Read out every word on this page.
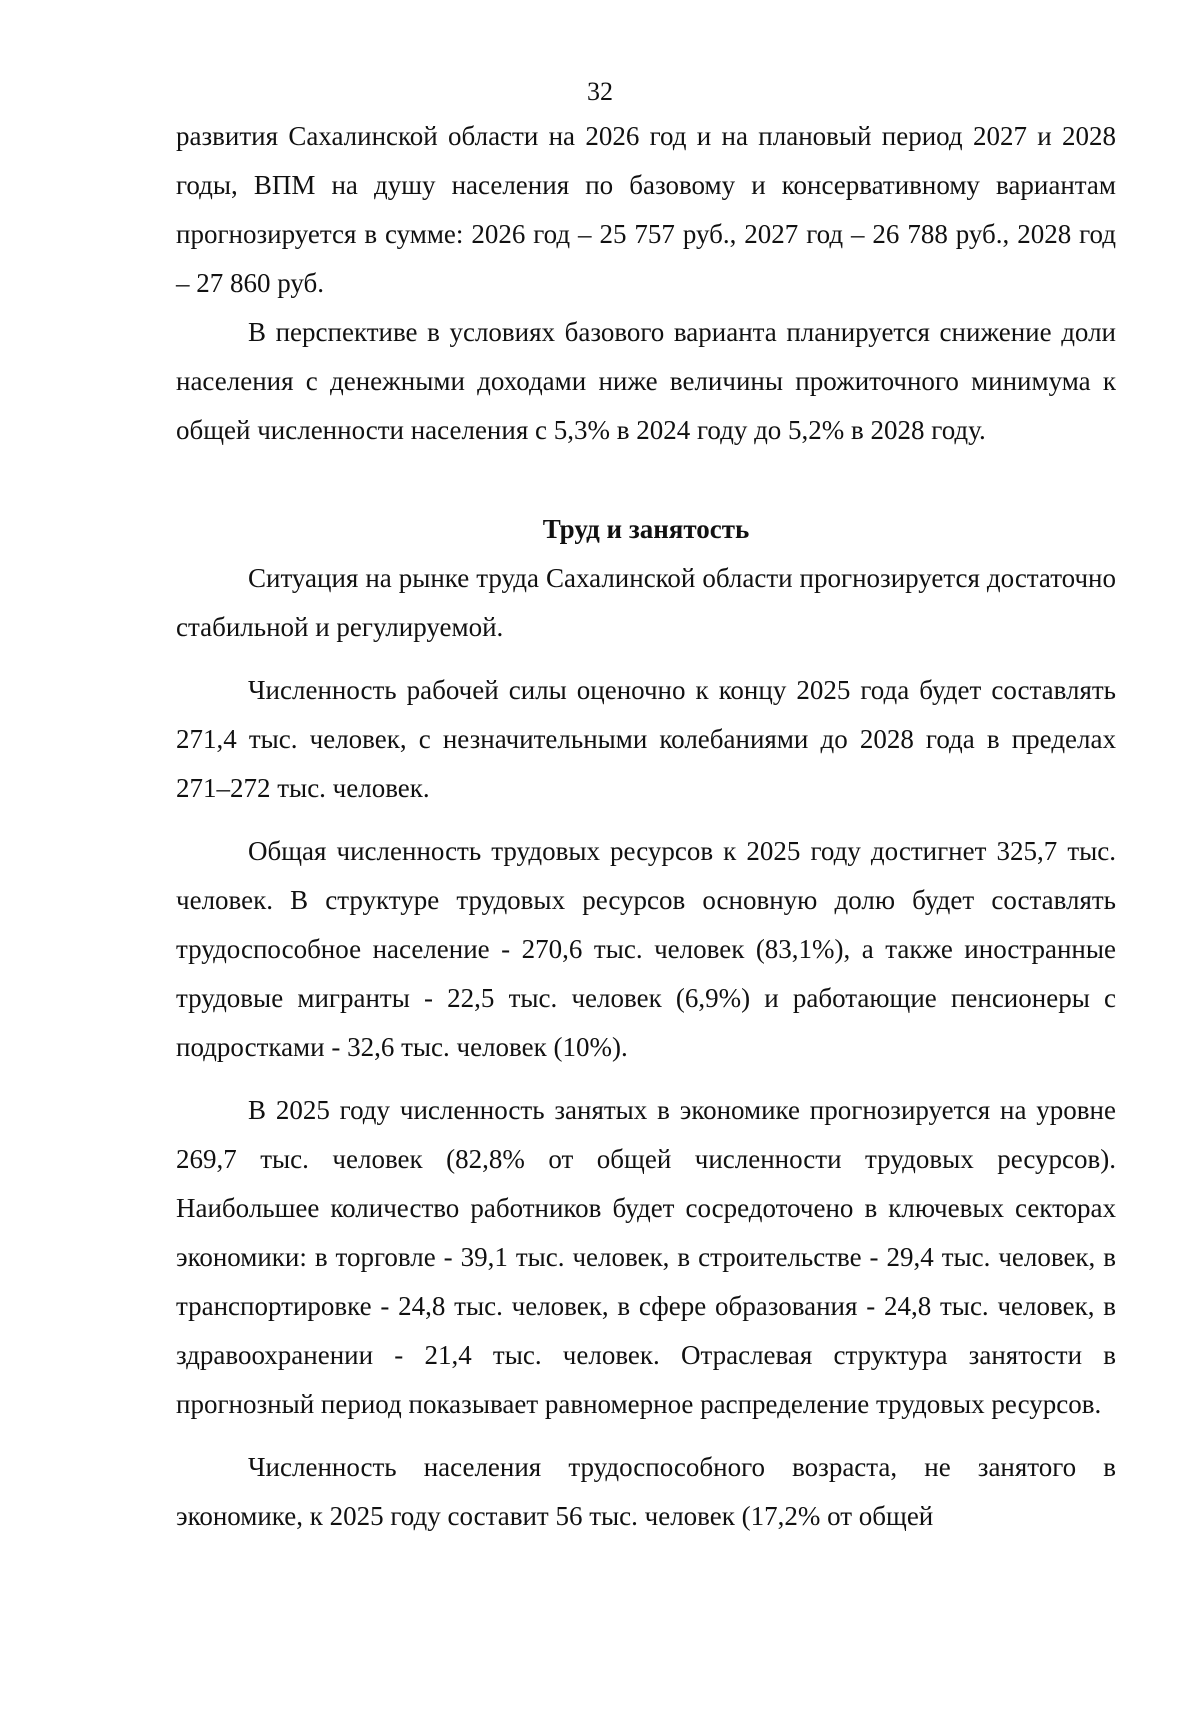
32

развития Сахалинской области на 2026 год и на плановый период 2027 и 2028 годы, ВПМ на душу населения по базовому и консервативному вариантам прогнозируется в сумме: 2026 год – 25 757 руб., 2027 год – 26 788 руб., 2028 год – 27 860 руб.

В перспективе в условиях базового варианта планируется снижение доли населения с денежными доходами ниже величины прожиточного минимума к общей численности населения с 5,3% в 2024 году до 5,2% в 2028 году.

Труд и занятость

Ситуация на рынке труда Сахалинской области прогнозируется достаточно стабильной и регулируемой.

Численность рабочей силы оценочно к концу 2025 года будет составлять 271,4 тыс. человек, с незначительными колебаниями до 2028 года в пределах 271–272 тыс. человек.

Общая численность трудовых ресурсов к 2025 году достигнет 325,7 тыс. человек. В структуре трудовых ресурсов основную долю будет составлять трудоспособное население - 270,6 тыс. человек (83,1%), а также иностранные трудовые мигранты - 22,5 тыс. человек (6,9%) и работающие пенсионеры с подростками - 32,6 тыс. человек (10%).

В 2025 году численность занятых в экономике прогнозируется на уровне 269,7 тыс. человек (82,8% от общей численности трудовых ресурсов). Наибольшее количество работников будет сосредоточено в ключевых секторах экономики: в торговле - 39,1 тыс. человек, в строительстве - 29,4 тыс. человек, в транспортировке - 24,8 тыс. человек, в сфере образования - 24,8 тыс. человек, в здравоохранении - 21,4 тыс. человек. Отраслевая структура занятости в прогнозный период показывает равномерное распределение трудовых ресурсов.

Численность населения трудоспособного возраста, не занятого в экономике, к 2025 году составит 56 тыс. человек (17,2% от общей
